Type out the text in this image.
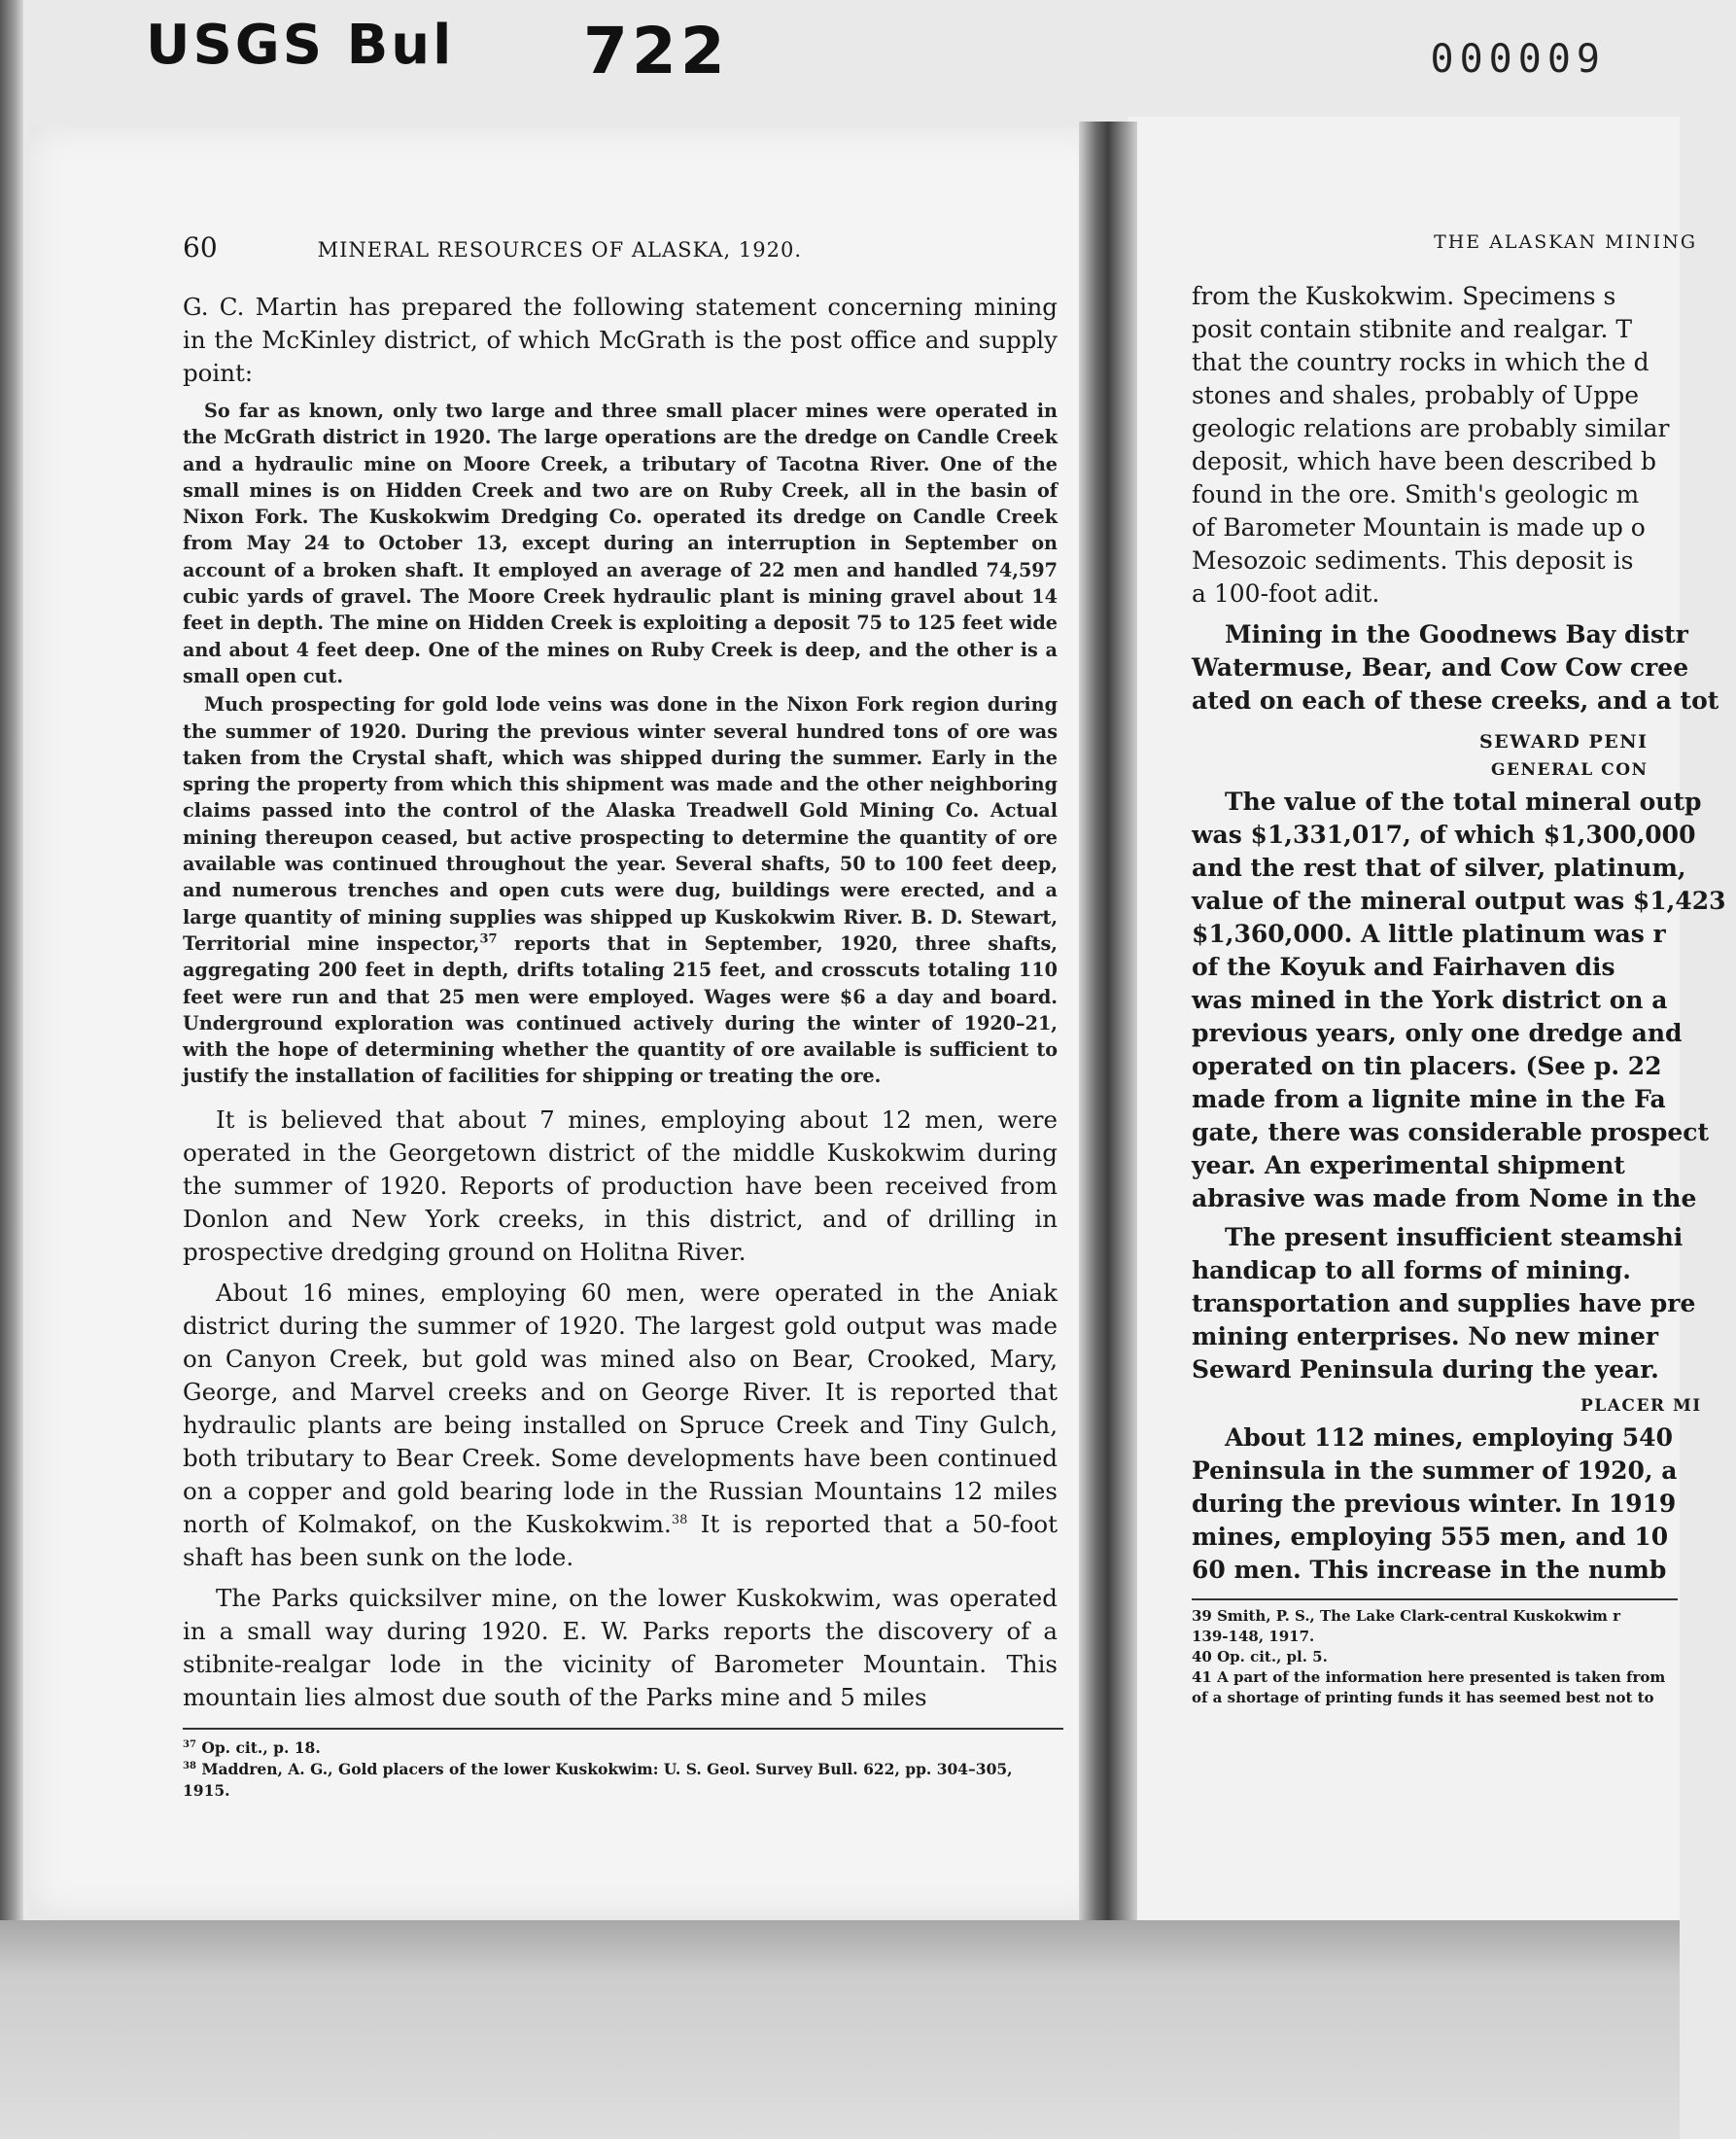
USGS Bul 722	000009
THE ALASKAN MINING
from the Kuskokwim. Specimens s
posit contain stibnite and realgar. T
that the country rocks in which the d
stones and shales, probably of Uppe
geologic relations are probably similar
deposit, which have been described b
found in the ore. Smith's geologic m
of Barometer Mountain is made up o
Mesozoic sediments. This deposit is
a 100-foot adit.
Mining in the Goodnews Bay distr
Watermuse, Bear, and Cow Cow cree
ated on each of these creeks, and a tot
SEWARD PENI
GENERAL CON
The value of the total mineral outp
was $1,331,017, of which $1,300,000
and the rest that of silver, platinum,
value of the mineral output was $1,423
$1,360,000. A little platinum was r
of the Koyuk and Fairhaven dis
was mined in the York district on a
previous years, only one dredge and
operated on tin placers. (See p. 22
made from a lignite mine in the Fa
gate, there was considerable prospect
year. An experimental shipment
abrasive was made from Nome in the
The present insufficient steamshi
handicap to all forms of mining.
transportation and supplies have pre
mining enterprises. No new miner
Seward Peninsula during the year.
PLACER MI
About 112 mines, employing 540
Peninsula in the summer of 1920, a
during the previous winter. In 1919
mines, employing 555 men, and 10
60 men. This increase in the numb
39 Smith, P. S., The Lake Clark-central Kuskokwim r
139-148, 1917.
40 Op. cit., pl. 5.
41 A part of the information here presented is taken from
of a shortage of printing funds it has seemed best not to
60	MINERAL RESOURCES OF ALASKA, 1920.

G. C. Martin has prepared the following statement concerning mining in the McKinley district, of which McGrath is the post office and supply point:

So far as known, only two large and three small placer mines were operated in the McGrath district in 1920. The large operations are the dredge on Candle Creek and a hydraulic mine on Moore Creek, a tributary of Tacotna River. One of the small mines is on Hidden Creek and two are on Ruby Creek, all in the basin of Nixon Fork. The Kuskokwim Dredging Co. operated its dredge on Candle Creek from May 24 to October 13, except during an interruption in September on account of a broken shaft. It employed an average of 22 men and handled 74,597 cubic yards of gravel. The Moore Creek hydraulic plant is mining gravel about 14 feet in depth. The mine on Hidden Creek is exploiting a deposit 75 to 125 feet wide and about 4 feet deep. One of the mines on Ruby Creek is deep, and the other is a small open cut.

Much prospecting for gold lode veins was done in the Nixon Fork region during the summer of 1920. During the previous winter several hundred tons of ore was taken from the Crystal shaft, which was shipped during the summer. Early in the spring the property from which this shipment was made and the other neighboring claims passed into the control of the Alaska Treadwell Gold Mining Co. Actual mining thereupon ceased, but active prospecting to determine the quantity of ore available was continued throughout the year. Several shafts, 50 to 100 feet deep, and numerous trenches and open cuts were dug, buildings were erected, and a large quantity of mining supplies was shipped up Kuskokwim River. B. D. Stewart, Territorial mine inspector,$^{37}$ reports that in September, 1920, three shafts, aggregating 200 feet in depth, drifts totaling 215 feet, and crosscuts totaling 110 feet were run and that 25 men were employed. Wages were $6 a day and board. Underground exploration was continued actively during the winter of 1920–21, with the hope of determining whether the quantity of ore available is sufficient to justify the installation of facilities for shipping or treating the ore.

It is believed that about 7 mines, employing about 12 men, were operated in the Georgetown district of the middle Kuskokwim during the summer of 1920. Reports of production have been received from Donlon and New York creeks, in this district, and of drilling in prospective dredging ground on Holitna River.

About 16 mines, employing 60 men, were operated in the Aniak district during the summer of 1920. The largest gold output was made on Canyon Creek, but gold was mined also on Bear, Crooked, Mary, George, and Marvel creeks and on George River. It is reported that hydraulic plants are being installed on Spruce Creek and Tiny Gulch, both tributary to Bear Creek. Some developments have been continued on a copper and gold bearing lode in the Russian Mountains 12 miles north of Kolmakof, on the Kuskokwim.$^{38}$ It is reported that a 50-foot shaft has been sunk on the lode.

The Parks quicksilver mine, on the lower Kuskokwim, was operated in a small way during 1920. E. W. Parks reports the discovery of a stibnite-realgar lode in the vicinity of Barometer Mountain. This mountain lies almost due south of the Parks mine and 5 miles

$^{37}$ Op. cit., p. 18.

$^{38}$ Maddren, A. G., Gold placers of the lower Kuskokwim: U. S. Geol. Survey Bull. 622, pp. 304–305, 1915.
